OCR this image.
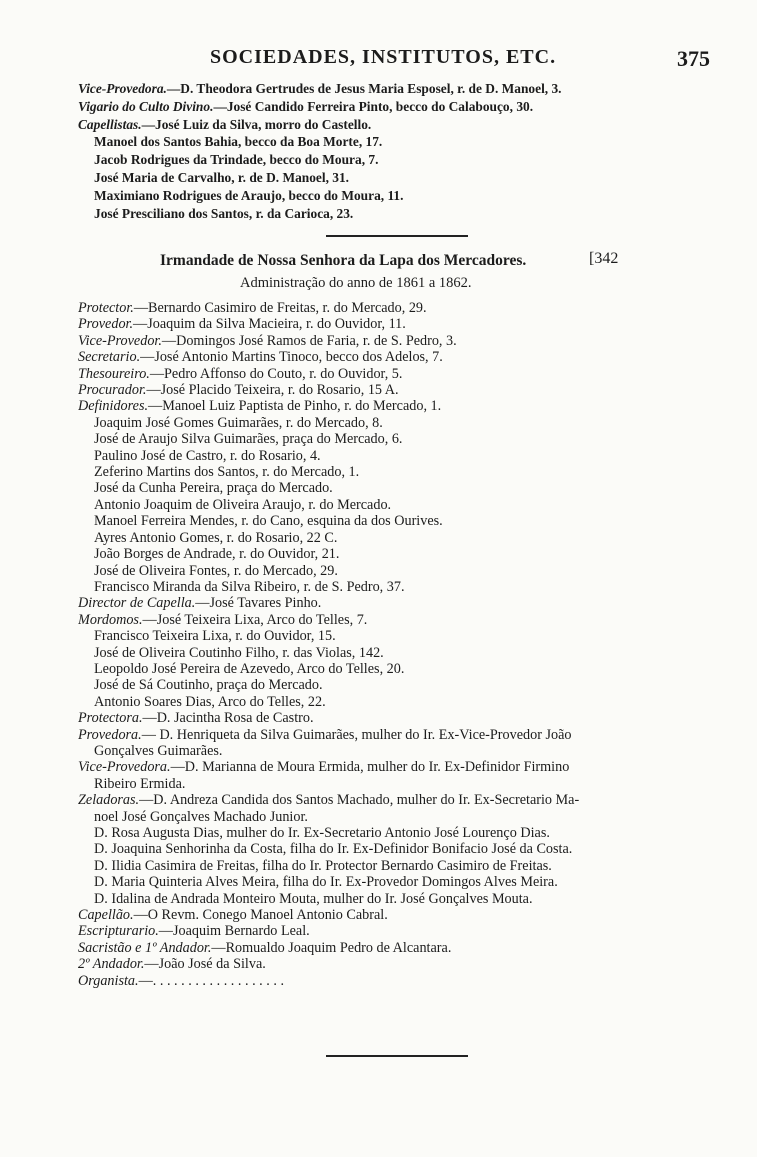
SOCIEDADES, INSTITUTOS, ETC.	375
Vice-Provedora.—D. Theodora Gertrudes de Jesus Maria Esposel, r. de D. Manoel, 3.
Vigario do Culto Divino.—José Candido Ferreira Pinto, becco do Calabouço, 30.
Capellistas.—José Luiz da Silva, morro do Castello.
Manoel dos Santos Bahia, becco da Boa Morte, 17.
Jacob Rodrigues da Trindade, becco do Moura, 7.
José Maria de Carvalho, r. de D. Manoel, 31.
Maximiano Rodrigues de Araujo, becco do Moura, 11.
José Presciliano dos Santos, r. da Carioca, 23.
Irmandade de Nossa Senhora da Lapa dos Mercadores.	[342
Administração do anno de 1861 a 1862.
Protector.—Bernardo Casimiro de Freitas, r. do Mercado, 29.
Provedor.—Joaquim da Silva Macieira, r. do Ouvidor, 11.
Vice-Provedor.—Domingos José Ramos de Faria, r. de S. Pedro, 3.
Secretario.—José Antonio Martins Tinoco, becco dos Adelos, 7.
Thesoureiro.—Pedro Affonso do Couto, r. do Ouvidor, 5.
Procurador.—José Placido Teixeira, r. do Rosario, 15 A.
Definidores.—Manoel Luiz Paptista de Pinho, r. do Mercado, 1.
Joaquim José Gomes Guimarães, r. do Mercado, 8.
José de Araujo Silva Guimarães, praça do Mercado, 6.
Paulino José de Castro, r. do Rosario, 4.
Zeferino Martins dos Santos, r. do Mercado, 1.
José da Cunha Pereira, praça do Mercado.
Antonio Joaquim de Oliveira Araujo, r. do Mercado.
Manoel Ferreira Mendes, r. do Cano, esquina da dos Ourives.
Ayres Antonio Gomes, r. do Rosario, 22 C.
João Borges de Andrade, r. do Ouvidor, 21.
José de Oliveira Fontes, r. do Mercado, 29.
Francisco Miranda da Silva Ribeiro, r. de S. Pedro, 37.
Director de Capella.—José Tavares Pinho.
Mordomos.—José Teixeira Lixa, Arco do Telles, 7.
Francisco Teixeira Lixa, r. do Ouvidor, 15.
José de Oliveira Coutinho Filho, r. das Violas, 142.
Leopoldo José Pereira de Azevedo, Arco do Telles, 20.
José de Sá Coutinho, praça do Mercado.
Antonio Soares Dias, Arco do Telles, 22.
Protectora.—D. Jacintha Rosa de Castro.
Provedora.— D. Henriqueta da Silva Guimarães, mulher do Ir. Ex-Vice-Provedor João
Gonçalves Guimarães.
Vice-Provedora.—D. Marianna de Moura Ermida, mulher do Ir. Ex-Definidor Firmino
Ribeiro Ermida.
Zeladoras.—D. Andreza Candida dos Santos Machado, mulher do Ir. Ex-Secretario Ma-
noel José Gonçalves Machado Junior.
D. Rosa Augusta Dias, mulher do Ir. Ex-Secretario Antonio José Lourenço Dias.
D. Joaquina Senhorinha da Costa, filha do Ir. Ex-Definidor Bonifacio José da Costa.
D. Ilidia Casimira de Freitas, filha do Ir. Protector Bernardo Casimiro de Freitas.
D. Maria Quinteria Alves Meira, filha do Ir. Ex-Provedor Domingos Alves Meira.
D. Idalina de Andrada Monteiro Mouta, mulher do Ir. José Gonçalves Mouta.
Capellão.—O Revm. Conego Manoel Antonio Cabral.
Escripturario.—Joaquim Bernardo Leal.
Sacristão e 1º Andador.—Romualdo Joaquim Pedro de Alcantara.
2º Andador.—João José da Silva.
Organista.—. . . . . . . . . . . . . . . . . . .
